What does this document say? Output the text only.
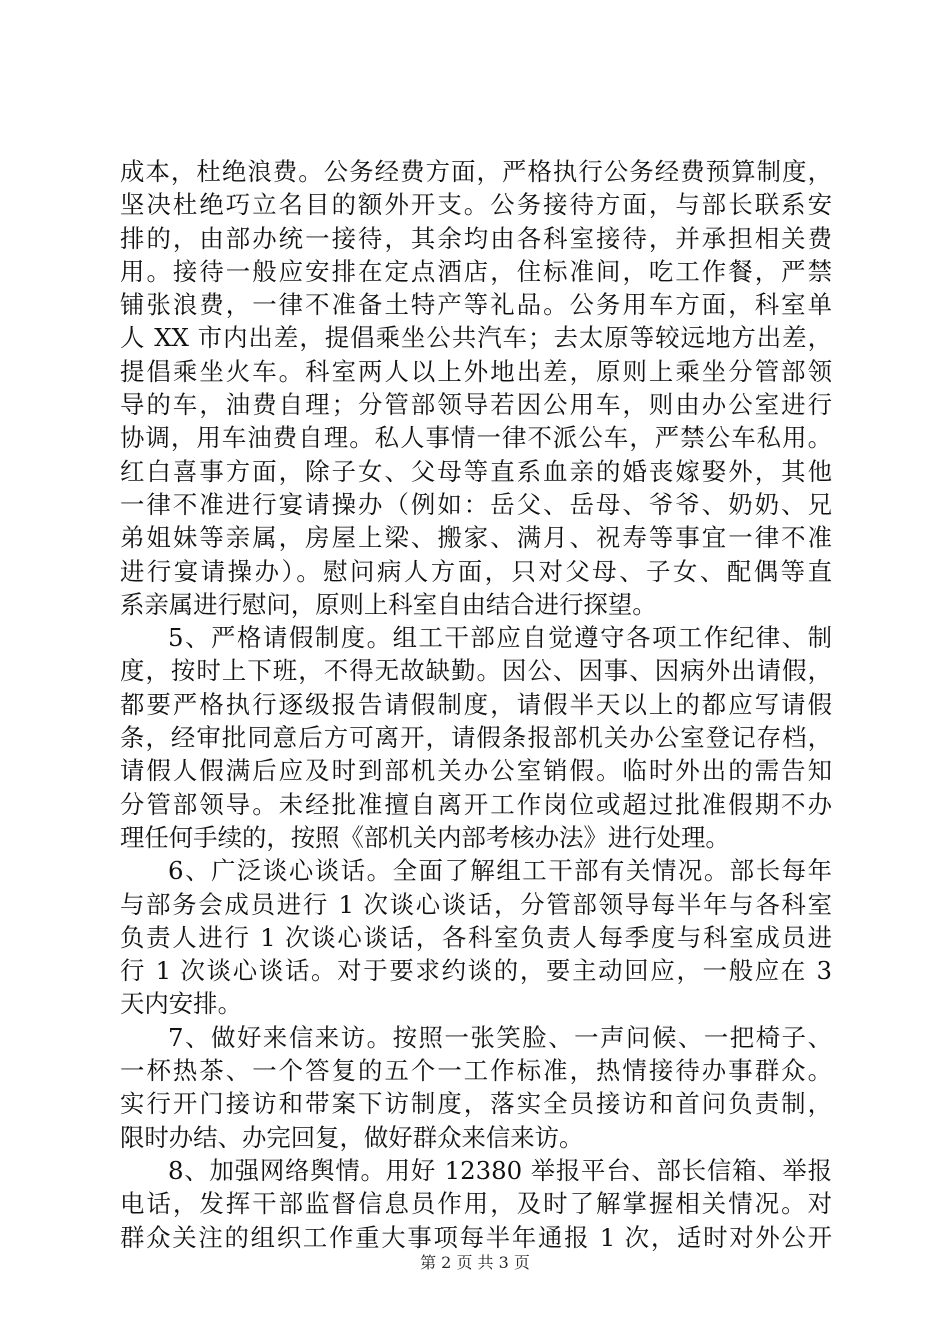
成本，杜绝浪费。公务经费方面，严格执行公务经费预算制度，
坚决杜绝巧立名目的额外开支。公务接待方面，与部长联系安
排的，由部办统一接待，其余均由各科室接待，并承担相关费
用。接待一般应安排在定点酒店，住标准间，吃工作餐，严禁
铺张浪费，一律不准备土特产等礼品。公务用车方面，科室单
人 XX 市内出差，提倡乘坐公共汽车；去太原等较远地方出差，
提倡乘坐火车。科室两人以上外地出差，原则上乘坐分管部领
导的车，油费自理；分管部领导若因公用车，则由办公室进行
协调，用车油费自理。私人事情一律不派公车，严禁公车私用。
红白喜事方面，除子女、父母等直系血亲的婚丧嫁娶外，其他
一律不准进行宴请操办（例如：岳父、岳母、爷爷、奶奶、兄
弟姐妹等亲属，房屋上梁、搬家、满月、祝寿等事宜一律不准
进行宴请操办）。慰问病人方面，只对父母、子女、配偶等直
系亲属进行慰问，原则上科室自由结合进行探望。
5、严格请假制度。组工干部应自觉遵守各项工作纪律、制
度，按时上下班，不得无故缺勤。因公、因事、因病外出请假，
都要严格执行逐级报告请假制度，请假半天以上的都应写请假
条，经审批同意后方可离开，请假条报部机关办公室登记存档，
请假人假满后应及时到部机关办公室销假。临时外出的需告知
分管部领导。未经批准擅自离开工作岗位或超过批准假期不办
理任何手续的，按照《部机关内部考核办法》进行处理。
6、广泛谈心谈话。全面了解组工干部有关情况。部长每年
与部务会成员进行 1 次谈心谈话，分管部领导每半年与各科室
负责人进行 1 次谈心谈话，各科室负责人每季度与科室成员进
行 1 次谈心谈话。对于要求约谈的，要主动回应，一般应在 3
天内安排。
7、做好来信来访。按照一张笑脸、一声问候、一把椅子、
一杯热茶、一个答复的五个一工作标准，热情接待办事群众。
实行开门接访和带案下访制度，落实全员接访和首问负责制，
限时办结、办完回复，做好群众来信来访。
8、加强网络舆情。用好 12380 举报平台、部长信箱、举报
电话，发挥干部监督信息员作用，及时了解掌握相关情况。对
群众关注的组织工作重大事项每半年通报 1 次，适时对外公开
第 2 页 共 3 页
